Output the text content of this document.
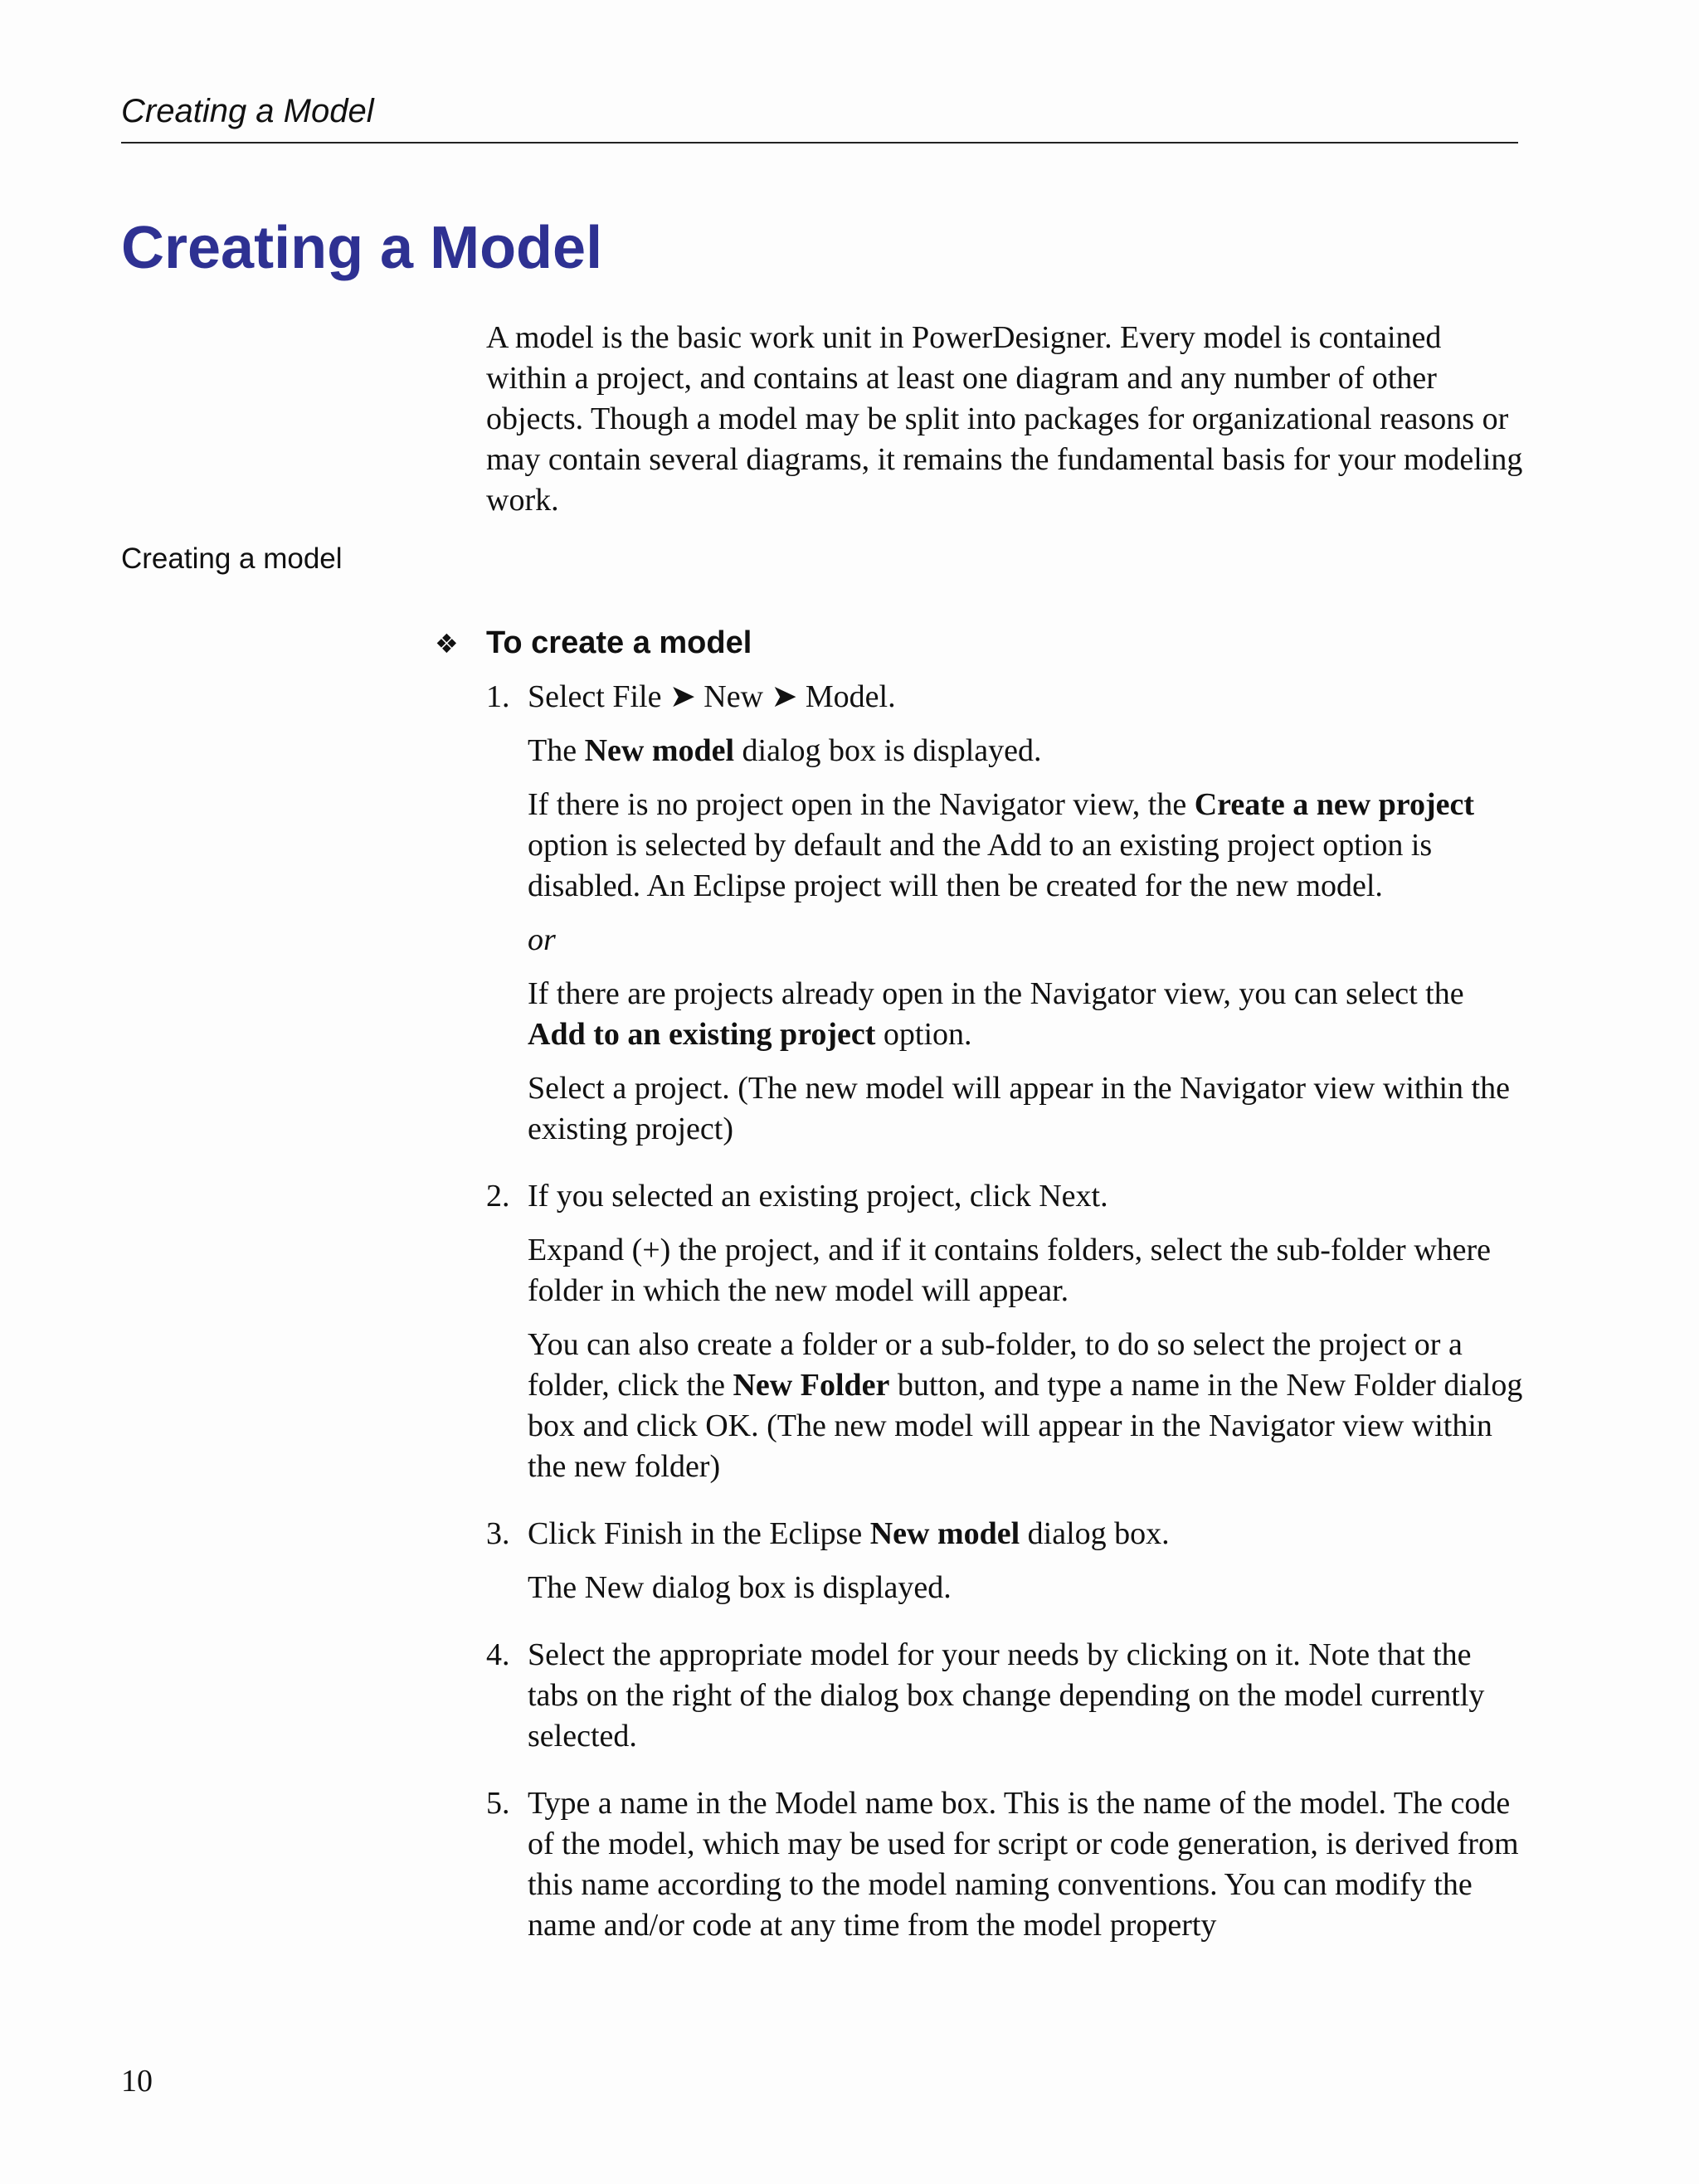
Creating a Model
Creating a Model

A model is the basic work unit in PowerDesigner. Every model is contained within a project, and contains at least one diagram and any number of other objects. Though a model may be split into packages for organizational reasons or may contain several diagrams, it remains the fundamental basis for your modeling work.

Creating a model
❖ To create a model
1. Select File ➤ New ➤ Model.

The New model dialog box is displayed.

If there is no project open in the Navigator view, the Create a new project option is selected by default and the Add to an existing project option is disabled. An Eclipse project will then be created for the new model.

or

If there are projects already open in the Navigator view, you can select the Add to an existing project option.

Select a project. (The new model will appear in the Navigator view within the existing project)

2. If you selected an existing project, click Next.

Expand (+) the project, and if it contains folders, select the sub-folder where folder in which the new model will appear.

You can also create a folder or a sub-folder, to do so select the project or a folder, click the New Folder button, and type a name in the New Folder dialog box and click OK. (The new model will appear in the Navigator view within the new folder)

3. Click Finish in the Eclipse New model dialog box.

The New dialog box is displayed.

4. Select the appropriate model for your needs by clicking on it. Note that the tabs on the right of the dialog box change depending on the model currently selected.

5. Type a name in the Model name box. This is the name of the model. The code of the model, which may be used for script or code generation, is derived from this name according to the model naming conventions. You can modify the name and/or code at any time from the model property

10
